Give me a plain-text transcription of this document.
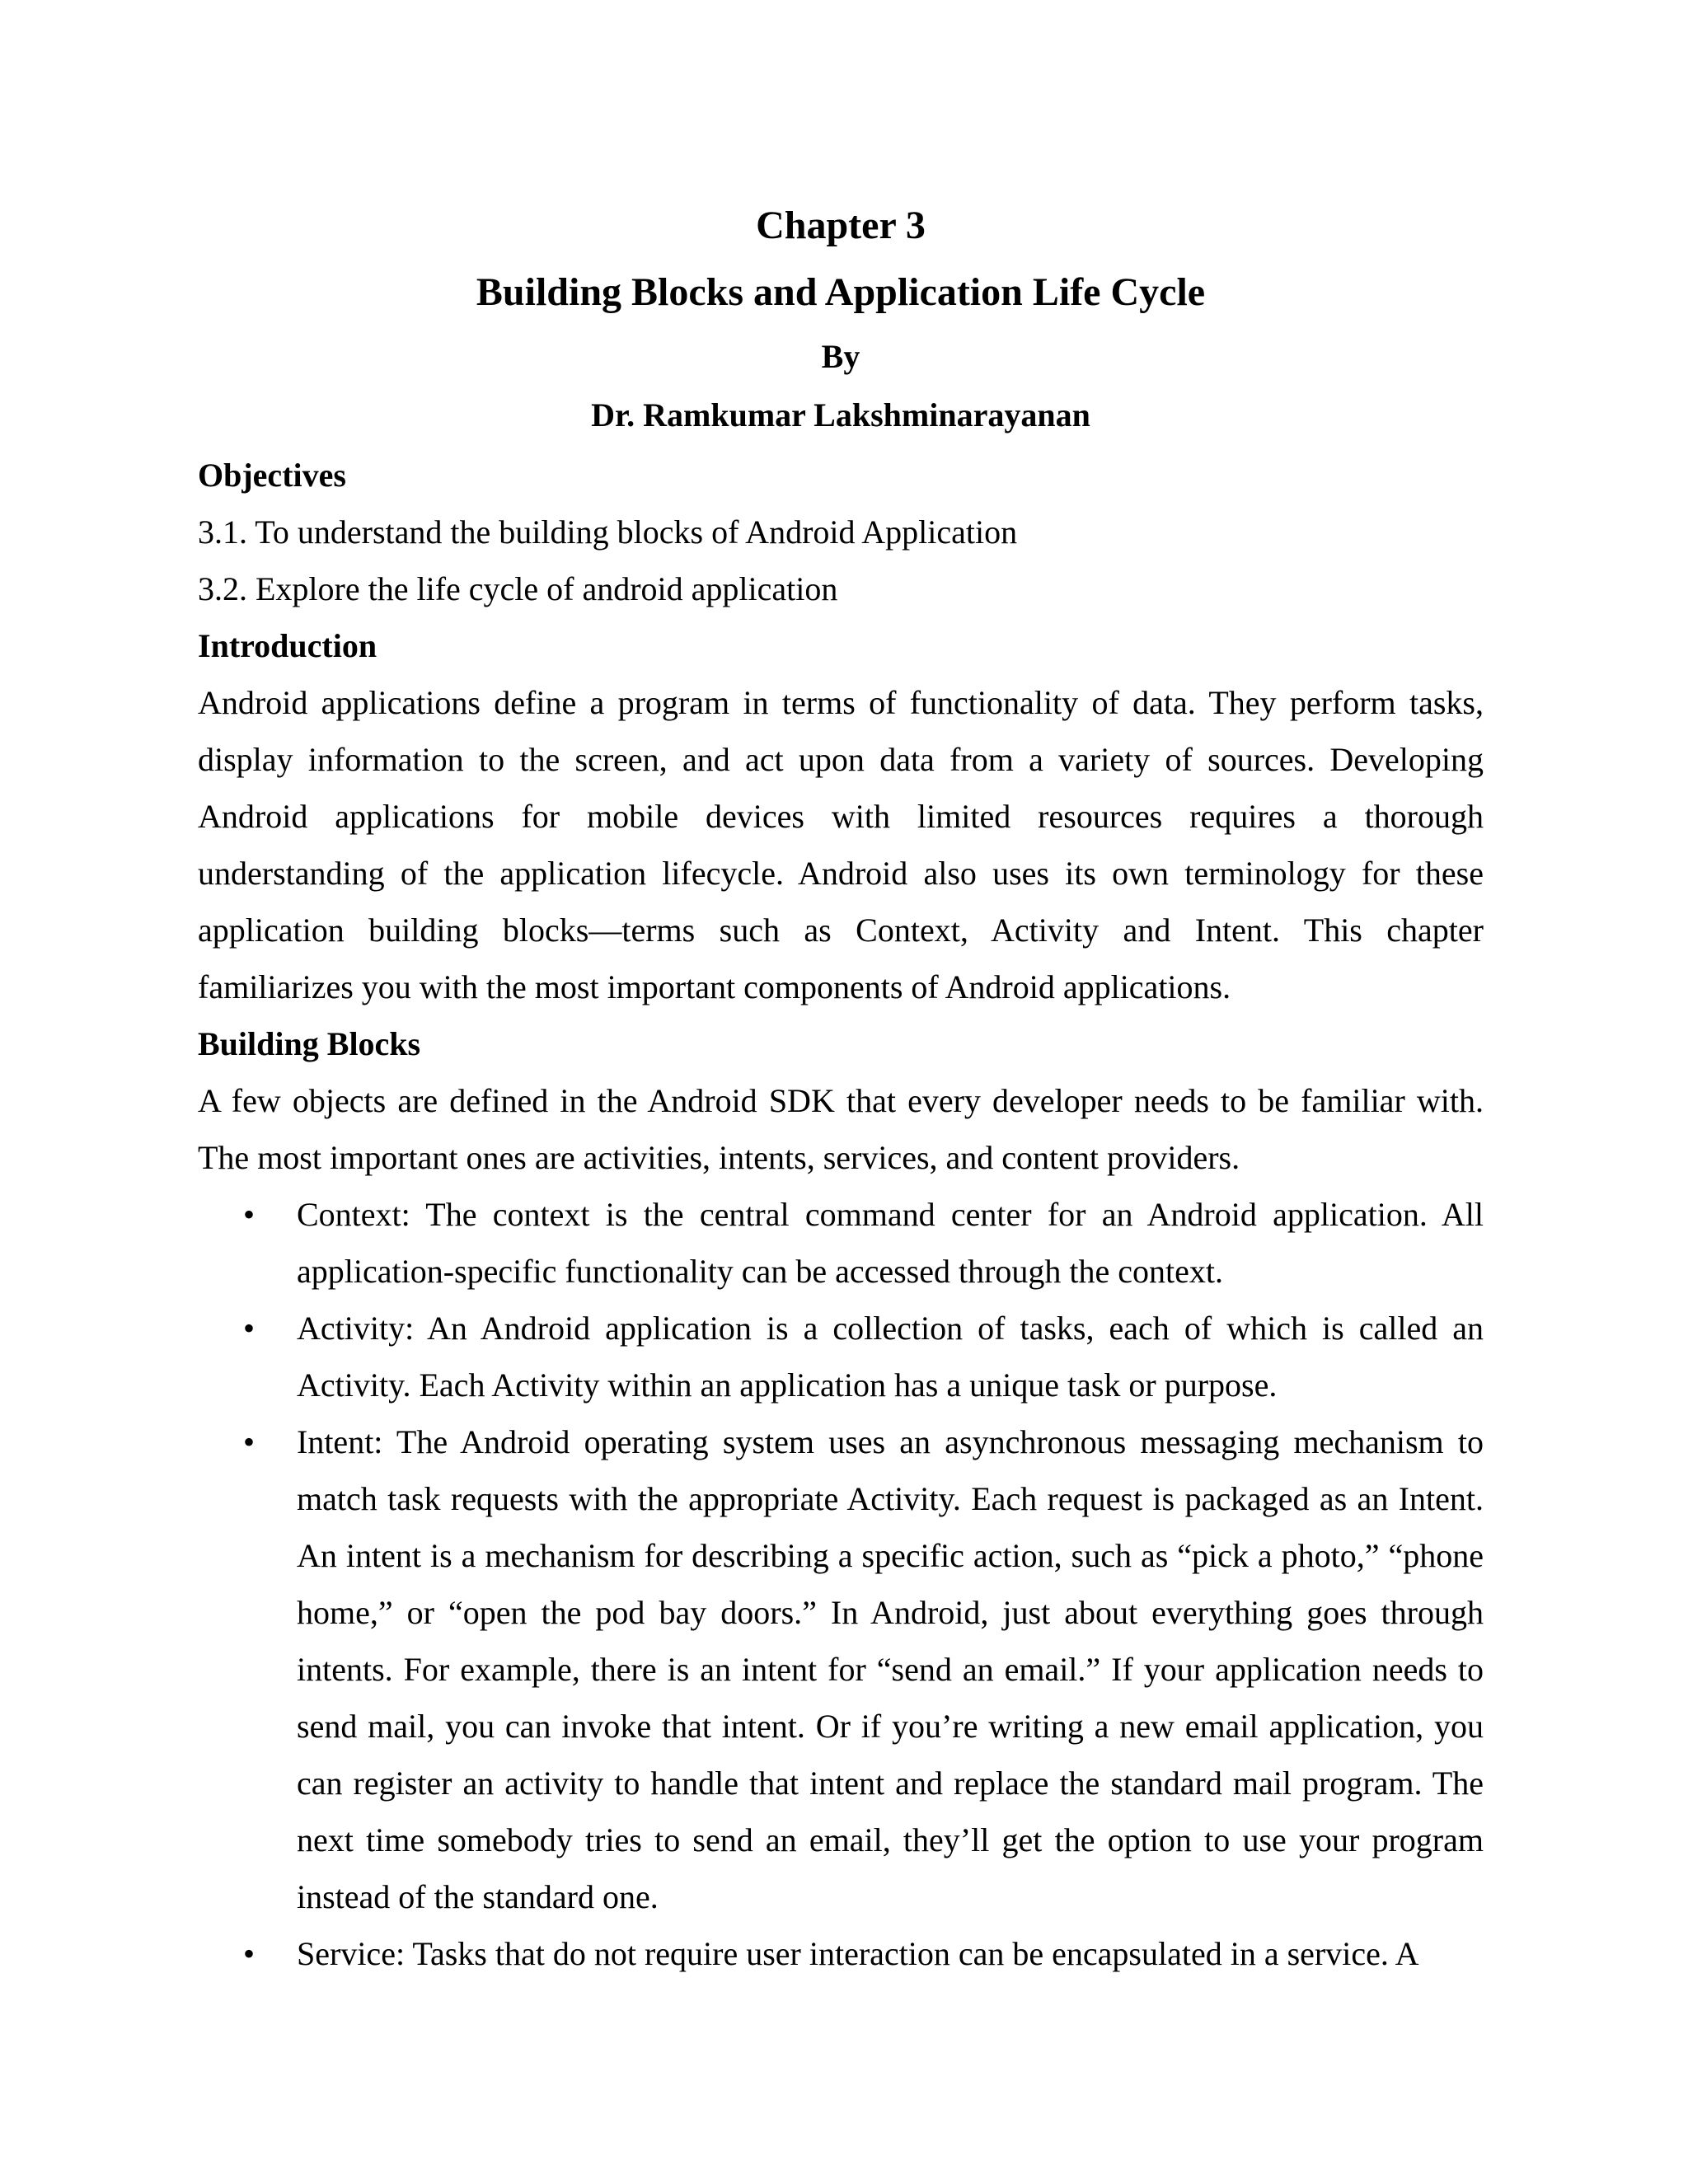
Chapter 3

Building Blocks and Application Life Cycle

By

Dr. Ramkumar Lakshminarayanan

Objectives

3.1. To understand the building blocks of Android Application

3.2. Explore the life cycle of android application

Introduction

Android applications define a program in terms of functionality of data. They perform tasks, display information to the screen, and act upon data from a variety of sources. Developing Android applications for mobile devices with limited resources requires a thorough understanding of the application lifecycle. Android also uses its own terminology for these application building blocks—terms such as Context, Activity and Intent. This chapter familiarizes you with the most important components of Android applications.

Building Blocks

A few objects are defined in the Android SDK that every developer needs to be familiar with. The most important ones are activities, intents, services, and content providers.

• Context: The context is the central command center for an Android application. All application-specific functionality can be accessed through the context.
• Activity: An Android application is a collection of tasks, each of which is called an Activity. Each Activity within an application has a unique task or purpose.
• Intent: The Android operating system uses an asynchronous messaging mechanism to match task requests with the appropriate Activity. Each request is packaged as an Intent. An intent is a mechanism for describing a specific action, such as “pick a photo,” “phone home,” or “open the pod bay doors.” In Android, just about everything goes through intents. For example, there is an intent for “send an email.” If your application needs to send mail, you can invoke that intent. Or if you’re writing a new email application, you can register an activity to handle that intent and replace the standard mail program. The next time somebody tries to send an email, they’ll get the option to use your program instead of the standard one.
• Service: Tasks that do not require user interaction can be encapsulated in a service. A
